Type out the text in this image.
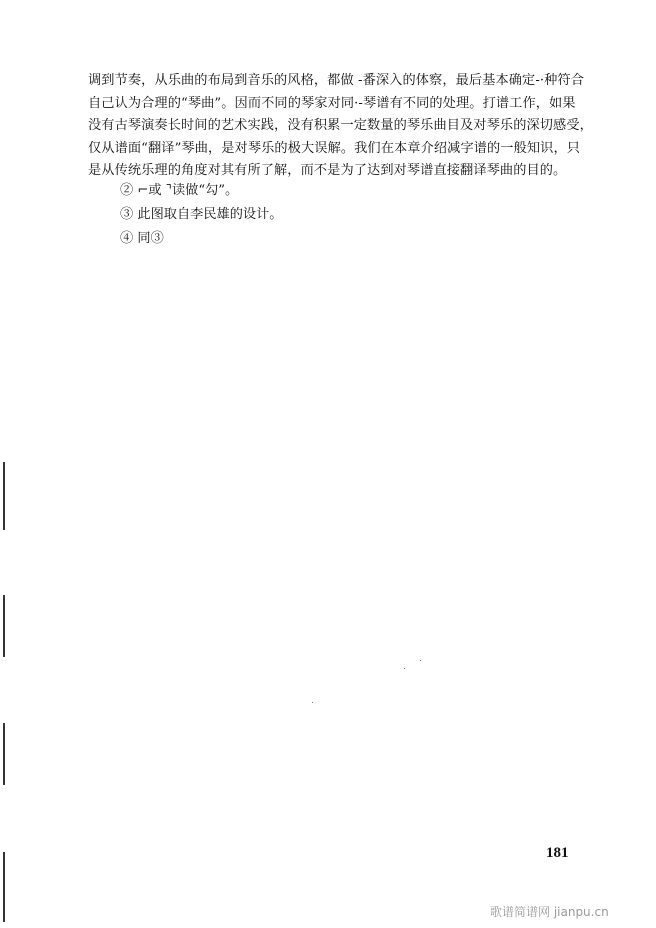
调到节奏，从乐曲的布局到音乐的风格，都做 -番深入的体察，最后基本确定-·种符合
自己认为合理的“琴曲”。因而不同的琴家对同·-琴谱有不同的处理。打谱工作，如果
没有古琴演奏长时间的艺术实践，没有积累一定数量的琴乐曲目及对琴乐的深切感受，
仅从谱面“翻译”琴曲，是对琴乐的极大误解。我们在本章介绍减字谱的一般知识，只
是从传统乐理的角度对其有所了解，而不是为了达到对琴谱直接翻译琴曲的目的。
② ⌐或 ⌝读做“勾”。
③ 此图取自李民雄的设计。
④ 同③
181
歌谱简谱网 jianpu.cn
